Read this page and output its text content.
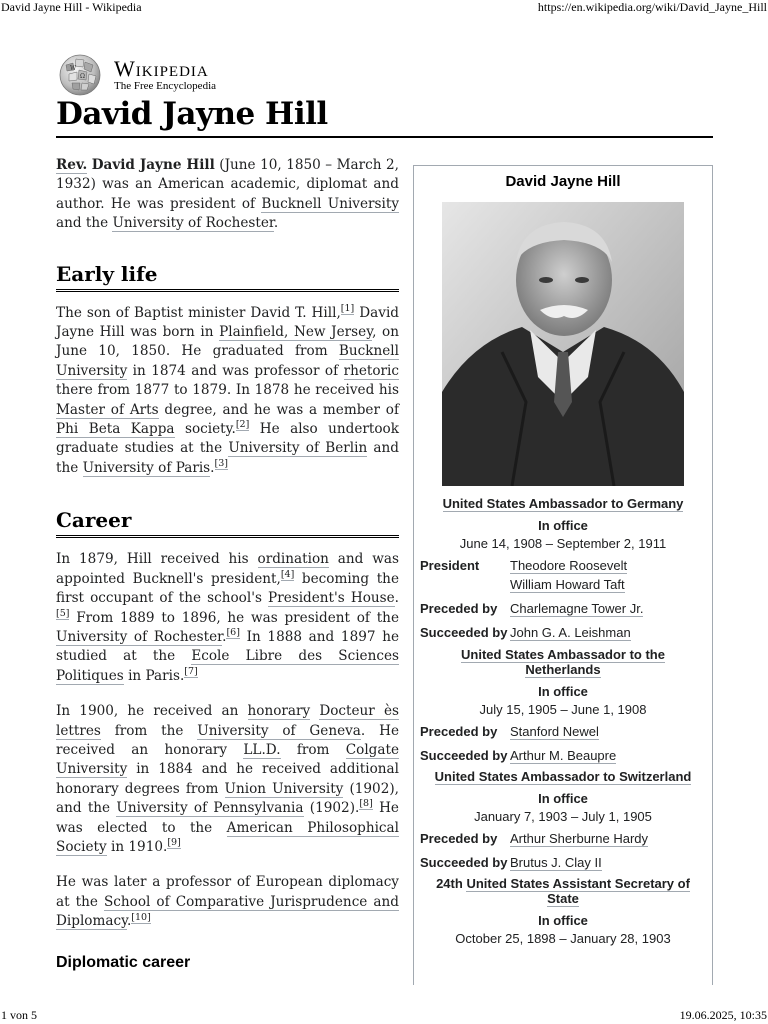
David Jayne Hill - Wikipedia	https://en.wikipedia.org/wiki/David_Jayne_Hill
W
Ω Wikipedia
The Free Encyclopedia
David Jayne Hill

Rev. David Jayne Hill (June 10, 1850 – March 2, 1932) was an American academic, diplomat and author. He was president of Bucknell University and the University of Rochester.

Early life

The son of Baptist minister David T. Hill,[1] David Jayne Hill was born in Plainfield, New Jersey, on June 10, 1850. He graduated from Bucknell University in 1874 and was professor of rhetoric there from 1877 to 1879. In 1878 he received his Master of Arts degree, and he was a member of Phi Beta Kappa society.[2] He also undertook graduate studies at the University of Berlin and the University of Paris.[3]

Career

In 1879, Hill received his ordination and was appointed Bucknell's president,[4] becoming the first occupant of the school's President's House.[5] From 1889 to 1896, he was president of the University of Rochester.[6] In 1888 and 1897 he studied at the Ecole Libre des Sciences Politiques in Paris.[7]

In 1900, he received an honorary Docteur ès lettres from the University of Geneva. He received an honorary LL.D. from Colgate University in 1884 and he received additional honorary degrees from Union University (1902), and the University of Pennsylvania (1902).[8] He was elected to the American Philosophical Society in 1910.[9]

He was later a professor of European diplomacy at the School of Comparative Jurisprudence and Diplomacy.[10]

Diplomatic career
David Jayne Hill
United States Ambassador to Germany
In office
June 14, 1908 – September 2, 1911
President	Theodore Roosevelt
William Howard Taft
Preceded by Charlemagne Tower Jr.
Succeeded by John G. A. Leishman
United States Ambassador to the Netherlands
In office
July 15, 1905 – June 1, 1908
Preceded by Stanford Newel
Succeeded by Arthur M. Beaupre
United States Ambassador to Switzerland
In office
January 7, 1903 – July 1, 1905
Preceded by Arthur Sherburne Hardy
Succeeded by Brutus J. Clay II
24th United States Assistant Secretary of State
In office
October 25, 1898 – January 28, 1903
1 von 5	19.06.2025, 10:35
